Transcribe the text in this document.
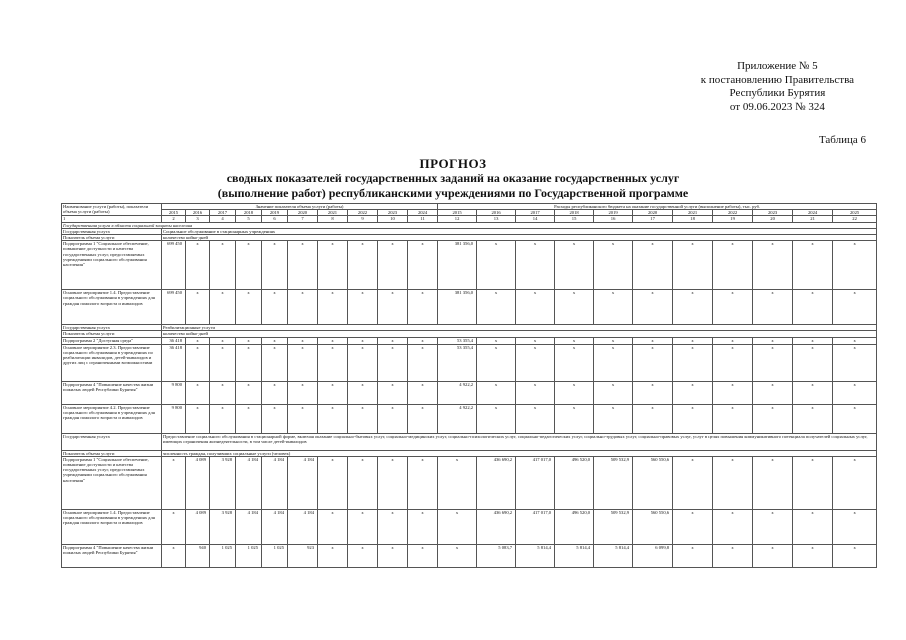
Приложение № 5
к постановлению Правительства
Республики Бурятия
от 09.06.2023 № 324
Таблица 6
ПРОГНОЗ
сводных показателей государственных заданий на оказание государственных услуг
(выполнение работ) республиканскими учреждениями по Государственной программе
Наименование услуги (работы), показатели объема услуги (работы)	Значение показателя объема услуги (работы)										Расходы республиканского бюджета на оказание государственной услуги (выполнение работы), тыс. руб.										
	2015	2016	2017	2018	2019	2020	2021	2022	2023	2024	2015	2016	2017	2018	2019	2020	2021	2022	2023	2024	2025
1	2	3	4	5	6	7	8	9	10	11	12	13	14	15	16	17	18	19	20	21	22
Государственная услуга в области социальной защиты населения																					
Государственная услуга	Социальное обслуживание в стационарных учреждениях																				
Показатель объема услуги	количество койко-дней																				
Подпрограмма 1 "Социальное обеспечение, повышение доступности и качества государственных услуг, предоставляемых учреждениями социального обслуживания населения"	699 450	x	x	x	x	x	x	x	x	x	381 356,0	x	x	x	x	x	x	x	x	x	x
Основное мероприятие 1.4. Предоставление социального обслуживания в учреждениях для граждан пожилого возраста и инвалидов	699 450	x	x	x	x	x	x	x	x	x	381 356,0	x	x	x	x	x	x	x	x	x	x
Государственная услуга	Реабилитационные услуги																				
Показатель объема услуги	количество койко-дней																				
Подпрограмма 2 "Доступная среда"	36 418	x	x	x	x	x	x	x	x	x	53 355,4	x	x	x	x	x	x	x	x	x	x
Основное мероприятие 2.3. Предоставление социального обслуживания в учреждениях по реабилитации инвалидов, детей-инвалидов и других лиц с ограниченными возможностями	36 418	x	x	x	x	x	x	x	x	x	53 355,4	x	x	x	x	x	x	x	x	x	x
Подпрограмма 4 "Повышение качества жизни пожилых людей Республики Бурятия"	9 800	x	x	x	x	x	x	x	x	x	4 922,2	x	x	x	x	x	x	x	x	x	x
Основное мероприятие 4.2. Предоставление социального обслуживания в учреждениях для граждан пожилого возраста и инвалидов	9 800	x	x	x	x	x	x	x	x	x	4 922,2	x	x	x	x	x	x	x	x	x	x
Государственная услуга	Предоставление социального обслуживания в стационарной форме, включая оказание социально-бытовых услуг, социально-медицинских услуг, социально-психологических услуг, социально-педагогических услуг, социально-трудовых услуг, социально-правовых услуг, услуг в целях повышения коммуникативного потенциала получателей социальных услуг, имеющих ограничения жизнедеятельности, в том числе детей-инвалидов																				
Показатель объема услуги	численность граждан, получивших социальные услуги (человек)																				
Подпрограмма 1 "Социальное обеспечение, повышение доступности и качества государственных услуг, предоставляемых учреждениями социального обслуживания населения"	x	4 089	3 928	4 184	4 184	4 184	x	x	x	x	x	436 690,2	417 017,0	496 520,0	509 532,9	560 550,6	x	x	x	x	x
Основное мероприятие 1.4. Предоставление социального обслуживания в учреждениях для граждан пожилого возраста и инвалидов	x	4 089	3 928	4 184	4 184	4 184	x	x	x	x	x	436 690,2	417 017,0	496 520,0	509 532,9	560 550,6	x	x	x	x	x
Подпрограмма 4 "Повышение качества жизни пожилых людей Республики Бурятия"	x	940	1 025	1 025	1 025	923	x	x	x	x	x	5 083,7	5 814,4	5 814,4	5 814,4	6 099,8	x	x	x	x	x
